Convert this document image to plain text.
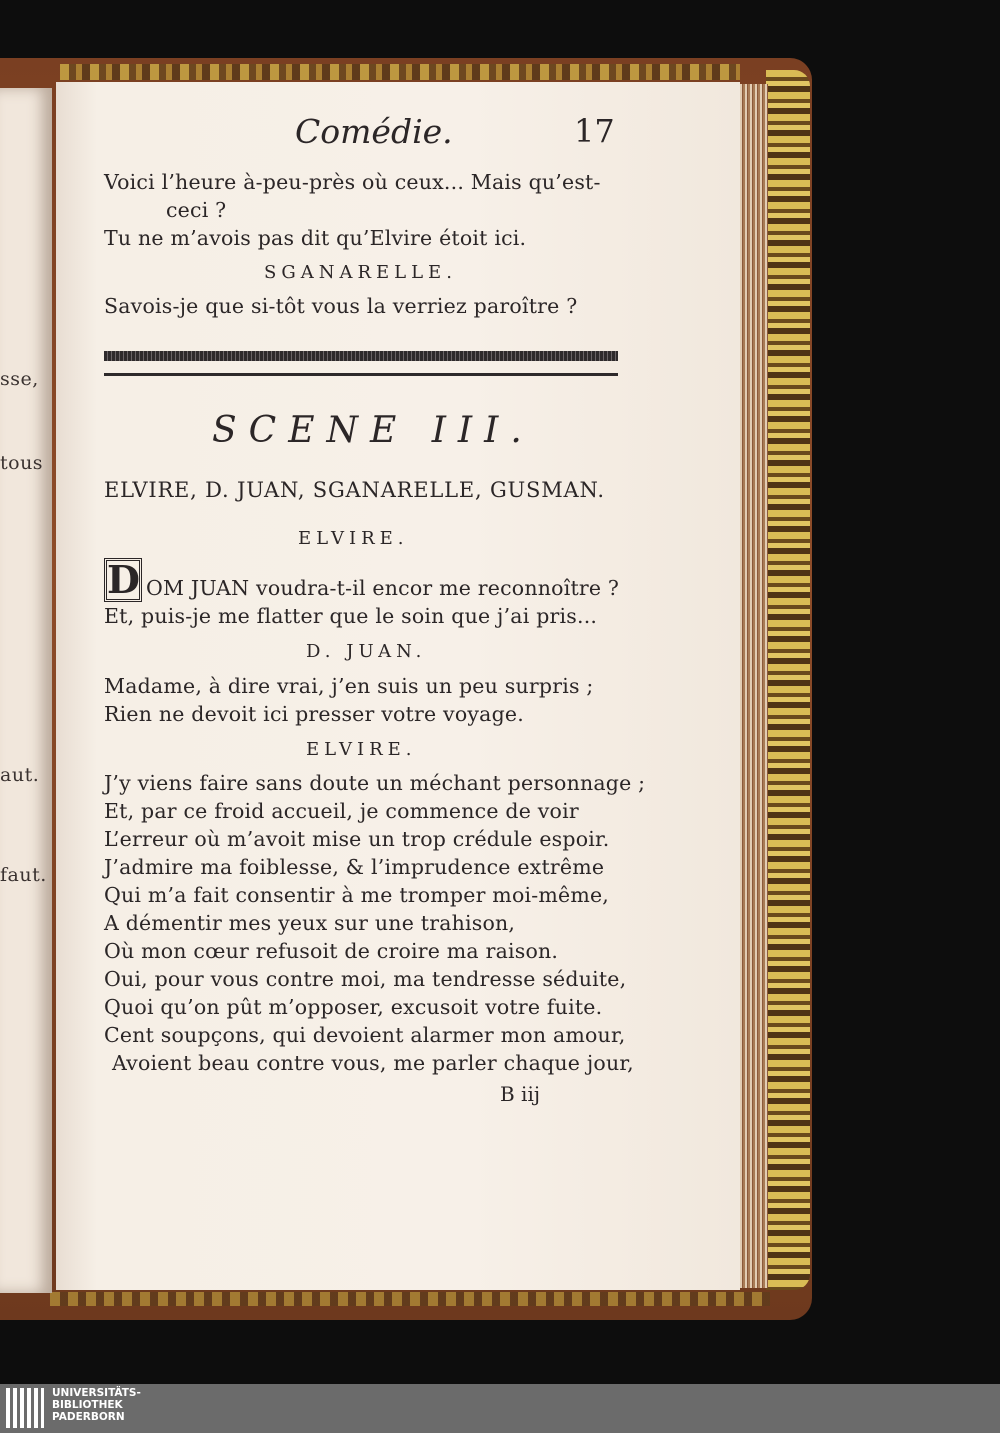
sse,
tous
aut.
faut.
Comédie.	17
Voici l’heure à-peu-près où ceux... Mais qu’est-
ceci ?
Tu ne m’avois pas dit qu’Elvire étoit ici.
SGANARELLE.
Savois-je que si-tôt vous la verriez paroître ?
SCENE III.
ELVIRE, D. JUAN, SGANARELLE, GUSMAN.
ELVIRE.
D OM JUAN voudra-t-il encor me reconnoître ?
Et, puis-je me flatter que le soin que j’ai pris...
D. JUAN.
Madame, à dire vrai, j’en suis un peu surpris ;
Rien ne devoit ici presser votre voyage.
ELVIRE.
J’y viens faire sans doute un méchant personnage ;
Et, par ce froid accueil, je commence de voir
L’erreur où m’avoit mise un trop crédule espoir.
J’admire ma foiblesse, & l’imprudence extrême
Qui m’a fait consentir à me tromper moi-même,
A démentir mes yeux sur une trahison,
Où mon cœur refusoit de croire ma raison.
Oui, pour vous contre moi, ma tendresse séduite,
Quoi qu’on pût m’opposer, excusoit votre fuite.
Cent soupçons, qui devoient alarmer mon amour,
Avoient beau contre vous, me parler chaque jour,
B iij
UNIVERSITÄTS-
BIBLIOTHEK
PADERBORN
